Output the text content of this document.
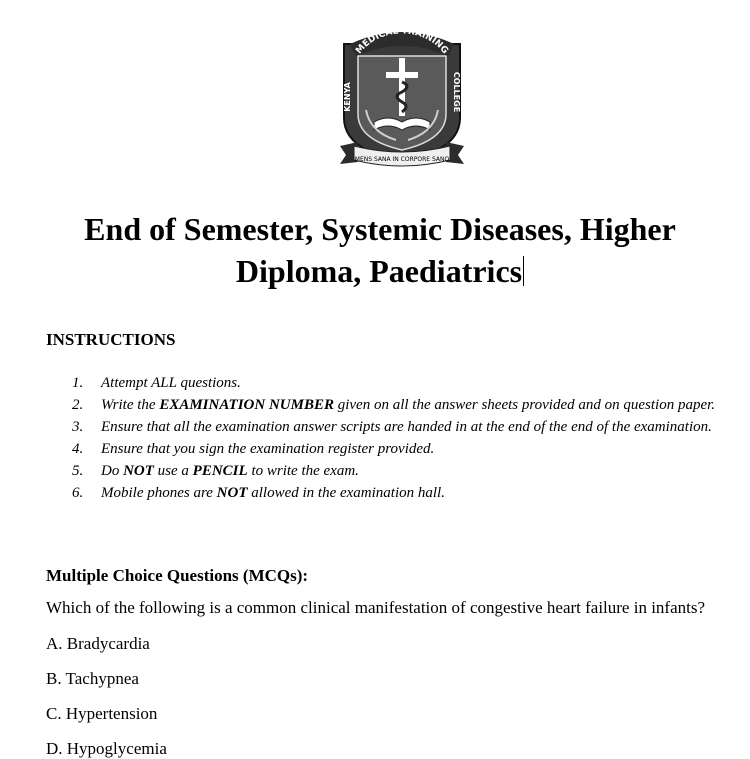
MEDICAL TRAINING
KENYA	COLLEGE
MENS SANA IN CORPORE SANO
End of Semester, Systemic Diseases, Higher
Diploma, Paediatrics
INSTRUCTIONS
1. Attempt ALL questions.
2. Write the EXAMINATION NUMBER given on all the answer sheets provided and on question paper.
3. Ensure that all the examination answer scripts are handed in at the end of the end of the examination.
4. Ensure that you sign the examination register provided.
5. Do NOT use a PENCIL to write the exam.
6. Mobile phones are NOT allowed in the examination hall.
Multiple Choice Questions (MCQs):
Which of the following is a common clinical manifestation of congestive heart failure in infants?
A. Bradycardia
B. Tachypnea
C. Hypertension
D. Hypoglycemia
